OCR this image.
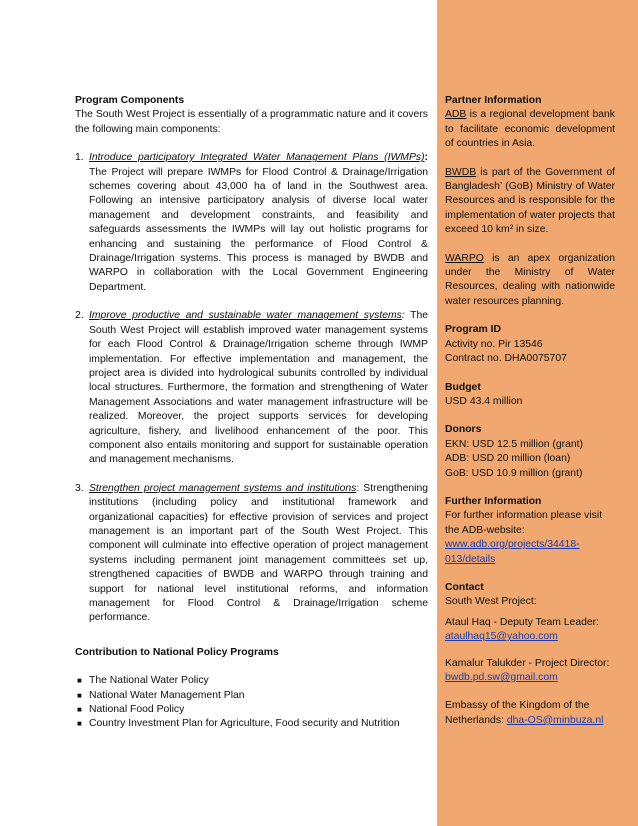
Program Components

The South West Project is essentially of a programmatic nature and it covers the following main components:

1. Introduce participatory Integrated Water Management Plans (IWMPs): The Project will prepare IWMPs for Flood Control & Drainage/Irrigation schemes covering about 43,000 ha of land in the Southwest area. Following an intensive participatory analysis of diverse local water management and development constraints, and feasibility and safeguards assessments the IWMPs will lay out holistic programs for enhancing and sustaining the performance of Flood Control & Drainage/Irrigation systems. This process is managed by BWDB and WARPO in collaboration with the Local Government Engineering Department.
2. Improve productive and sustainable water management systems: The South West Project will establish improved water management systems for each Flood Control & Drainage/Irrigation scheme through IWMP implementation. For effective implementation and management, the project area is divided into hydrological subunits controlled by individual local structures. Furthermore, the formation and strengthening of Water Management Associations and water management infrastructure will be realized. Moreover, the project supports services for developing agriculture, fishery, and livelihood enhancement of the poor. This component also entails monitoring and support for sustainable operation and management mechanisms.
3. Strengthen project management systems and institutions: Strengthening institutions (including policy and institutional framework and organizational capacities) for effective provision of services and project management is an important part of the South West Project. This component will culminate into effective operation of project management systems including permanent joint management committees set up, strengthened capacities of BWDB and WARPO through training and support for national level institutional reforms, and information management for Flood Control & Drainage/Irrigation scheme performance.
Contribution to National Policy Programs
■ The National Water Policy
■ National Water Management Plan
■ National Food Policy
■ Country Investment Plan for Agriculture, Food security and Nutrition
Partner Information

ADB is a regional development bank to facilitate economic development of countries in Asia.

BWDB is part of the Government of Bangladesh’ (GoB) Ministry of Water Resources and is responsible for the implementation of water projects that exceed 10 km² in size.

WARPO is an apex organization under the Ministry of Water Resources, dealing with nationwide water resources planning.

Program ID
Activity no. Pir 13546
Contract no. DHA0075707
Budget
USD 43.4 million
Donors
EKN: USD 12.5 million (grant)
ADB: USD 20 million (loan)
GoB: USD 10.9 million (grant)
Further Information
For further information please visit the ADB-website:
www.adb.org/projects/34418-013/details
Contact
South West Project:
Ataul Haq - Deputy Team Leader:
ataulhaq15@yahoo.com
Kamalur Talukder - Project Director:
bwdb.pd.sw@gmail.com
Embassy of the Kingdom of the Netherlands: dha-OS@minbuza.nl
